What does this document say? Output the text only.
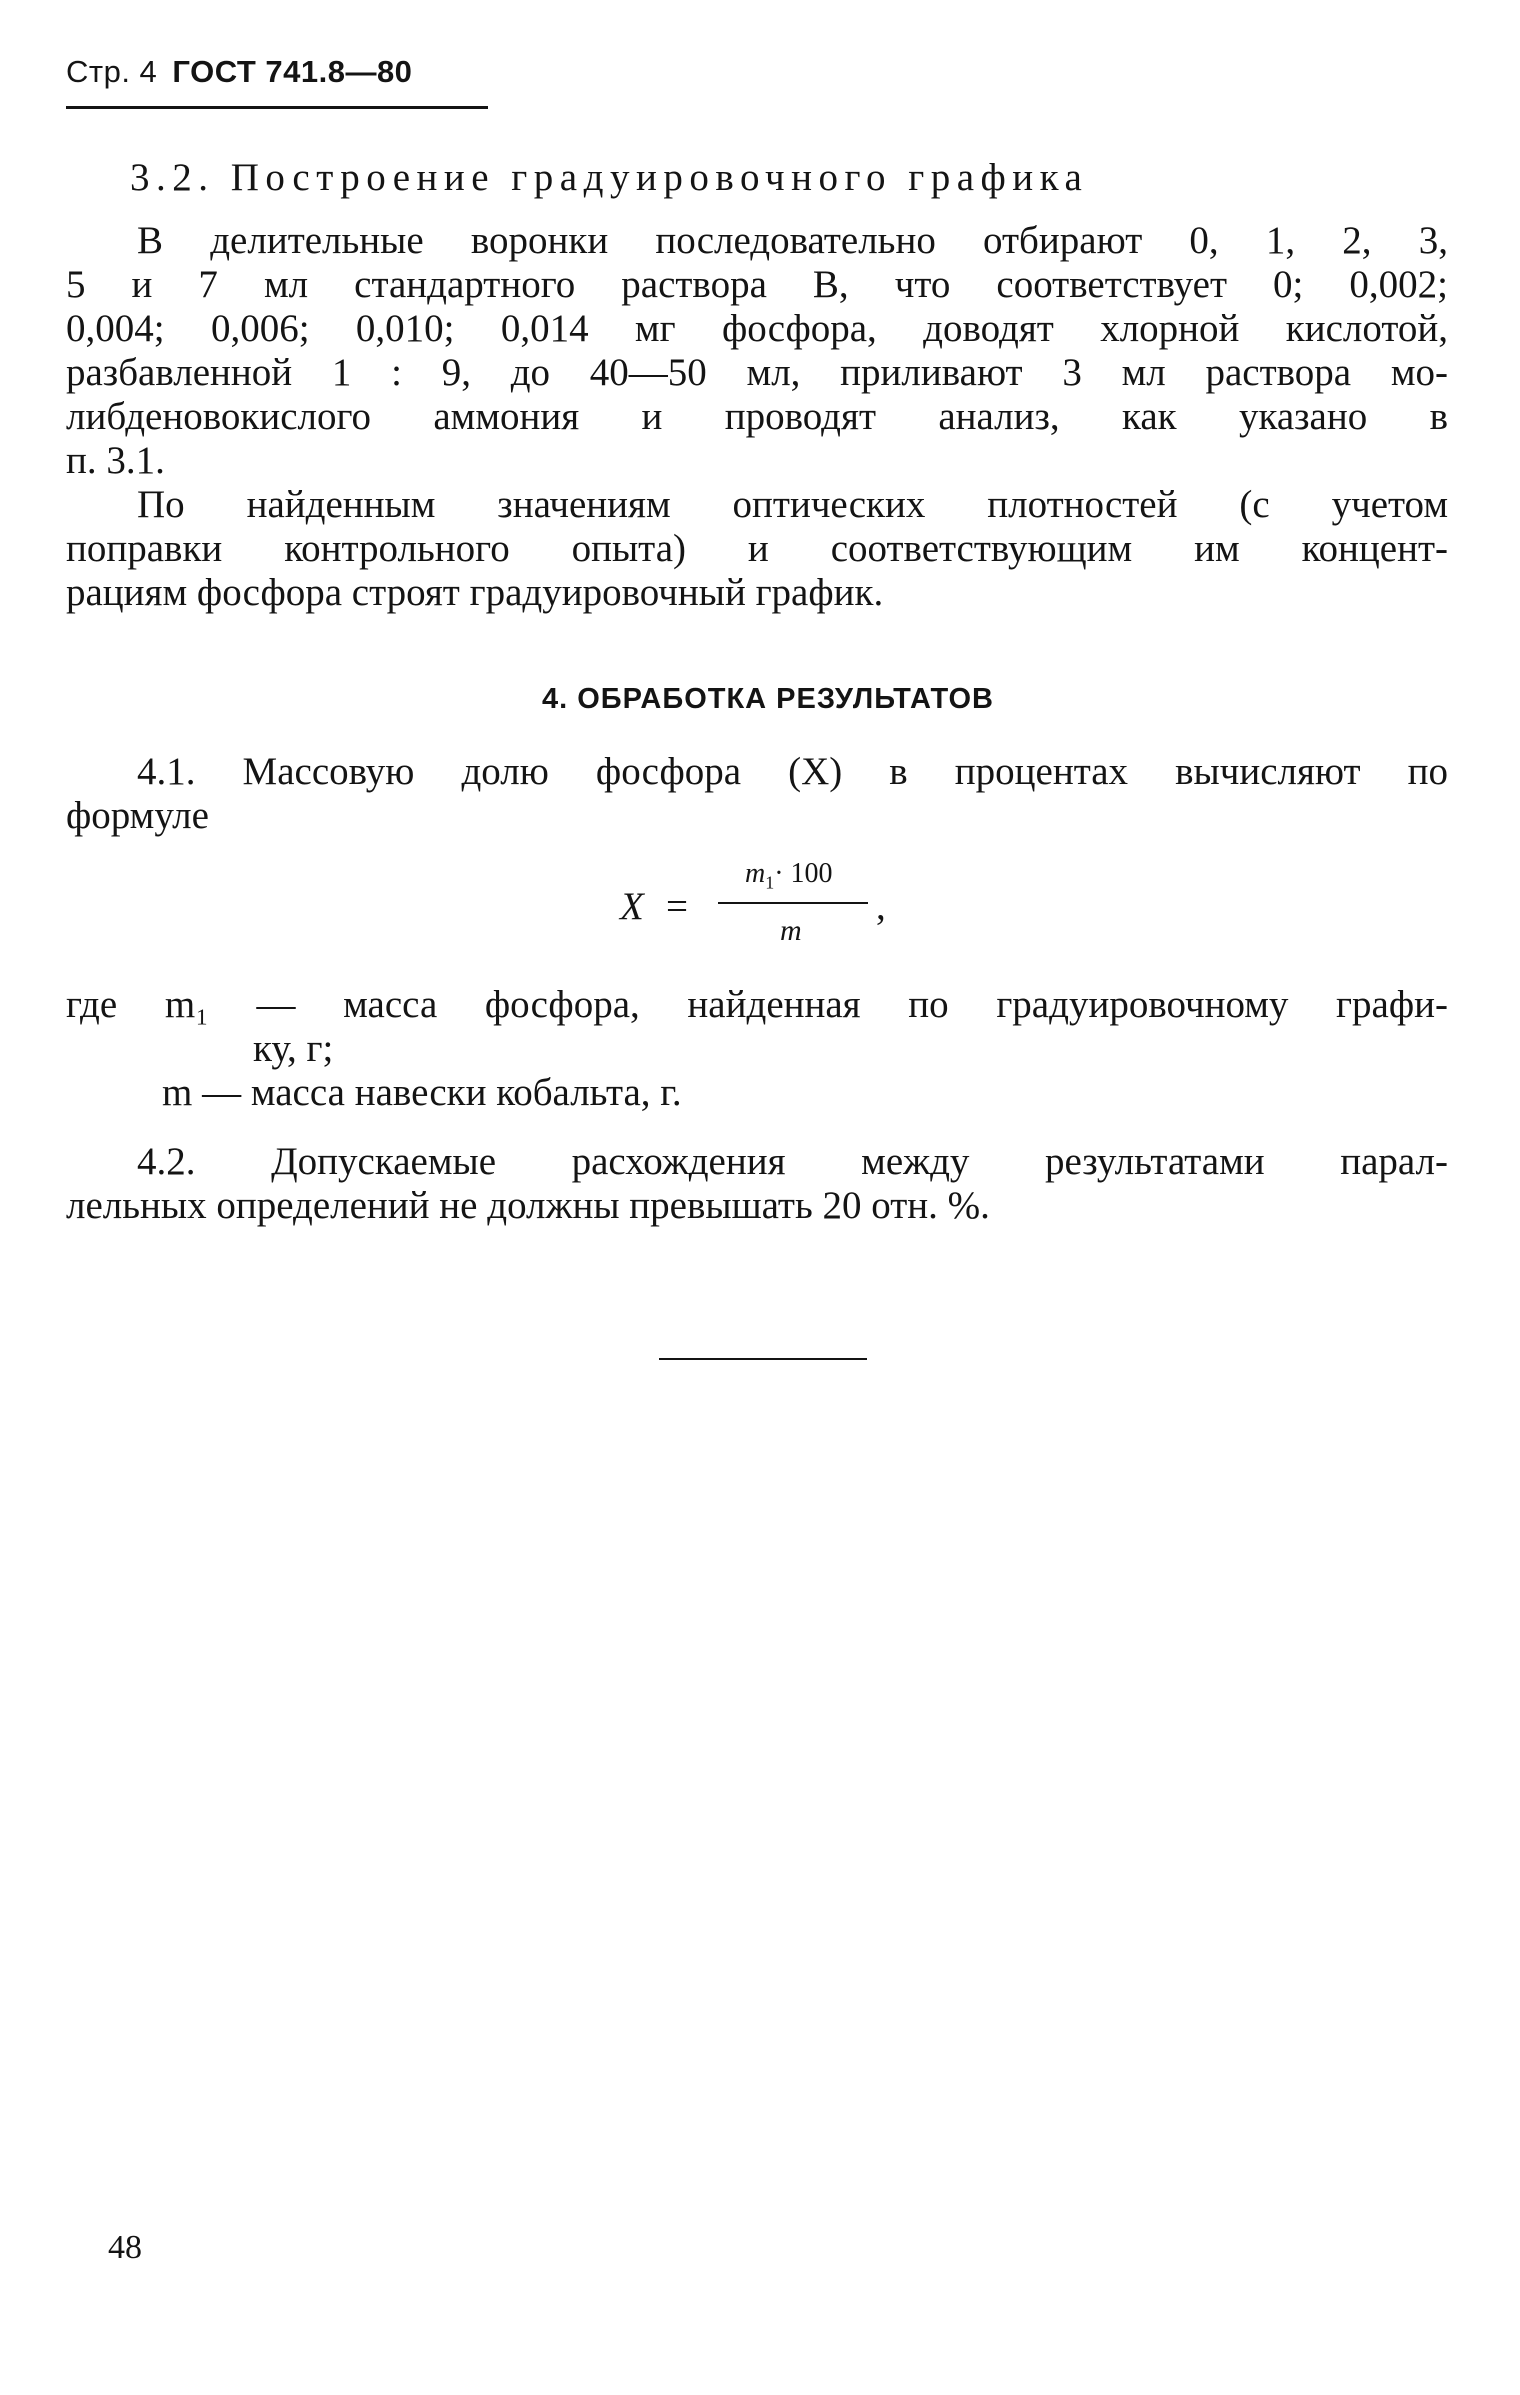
Стр. 4 ГОСТ 741.8—80
3.2. Построение градуировочного графика
В делительные воронки последовательно отбирают 0, 1, 2, 3,
5 и 7 мл стандартного раствора В, что соответствует 0; 0,002;
0,004; 0,006; 0,010; 0,014 мг фосфора, доводят хлорной кислотой,
разбавленной 1 : 9, до 40—50 мл, приливают 3 мл раствора мо-
либденовокислого аммония и проводят анализ, как указано в
п. 3.1.
По найденным значениям оптических плотностей (с учетом
поправки контрольного опыта) и соответствующим им концент-
рациям фосфора строят градуировочный график.
4. ОБРАБОТКА РЕЗУЛЬТАТОВ
4.1. Массовую долю фосфора (X) в процентах вычисляют по
формуле
X =
$m_1\cdot 100$
m
,
где m₁ — масса фосфора, найденная по градуировочному графи-
ку, г;
m — масса навески кобальта, г.
4.2. Допускаемые расхождения между результатами парал-
лельных определений не должны превышать 20 отн. %.
48
